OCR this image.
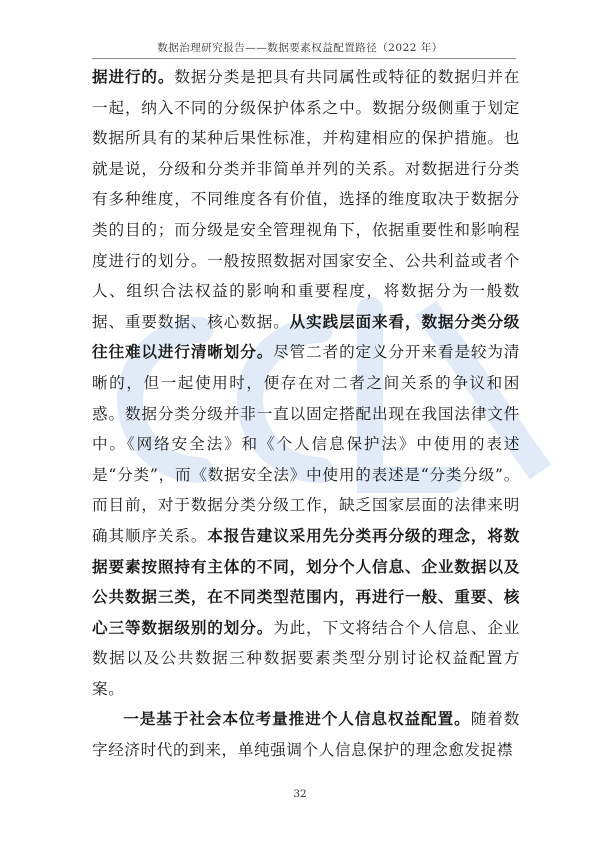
数据治理研究报告——数据要素权益配置路径（2022 年）

据进行的。数据分类是把具有共同属性或特征的数据归并在一起，纳入不同的分级保护体系之中。数据分级侧重于划定数据所具有的某种后果性标准，并构建相应的保护措施。也就是说，分级和分类并非简单并列的关系。对数据进行分类有多种维度，不同维度各有价值，选择的维度取决于数据分类的目的；而分级是安全管理视角下，依据重要性和影响程度进行的划分。一般按照数据对国家安全、公共利益或者个人、组织合法权益的影响和重要程度，将数据分为一般数据、重要数据、核心数据。从实践层面来看，数据分类分级往往难以进行清晰划分。尽管二者的定义分开来看是较为清晰的，但一起使用时，便存在对二者之间关系的争议和困惑。数据分类分级并非一直以固定搭配出现在我国法律文件中。《网络安全法》和《个人信息保护法》中使用的表述是“分类”，而《数据安全法》中使用的表述是“分类分级”。而目前，对于数据分类分级工作，缺乏国家层面的法律来明确其顺序关系。本报告建议采用先分类再分级的理念，将数据要素按照持有主体的不同，划分个人信息、企业数据以及公共数据三类，在不同类型范围内，再进行一般、重要、核心三等数据级别的划分。为此，下文将结合个人信息、企业数据以及公共数据三种数据要素类型分别讨论权益配置方案。

一是基于社会本位考量推进个人信息权益配置。随着数字经济时代的到来，单纯强调个人信息保护的理念愈发捉襟

32
